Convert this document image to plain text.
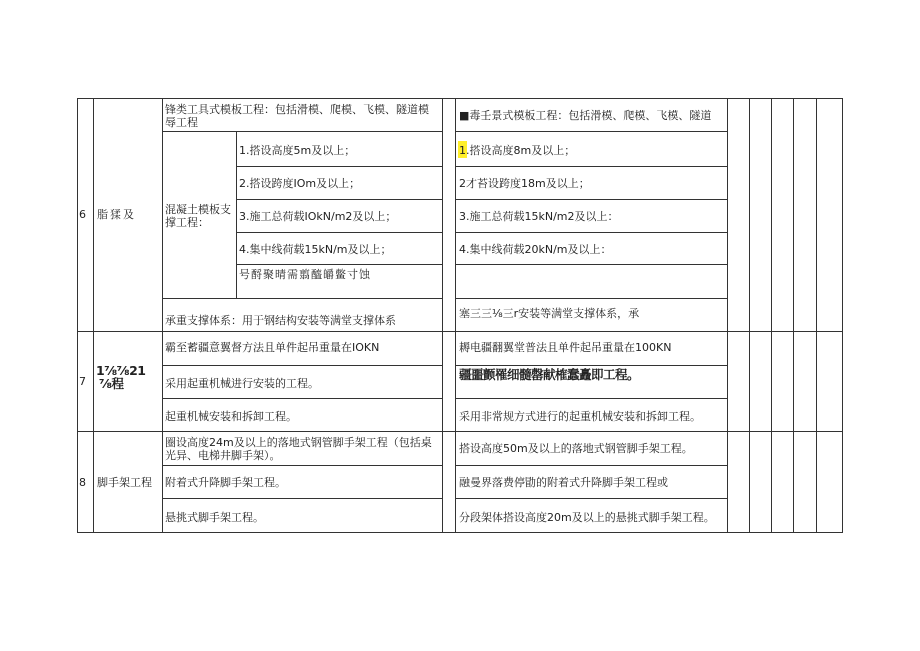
6 脂猱及
锋类工具式模板工程：包括滑模、爬模、飞模、隧道模辱工程
■毒壬景式模板工程：包括滑模、爬模、飞模、隧道
混凝土模板支撑工程：
1.搭设高度5m及以上；
2.搭设跨度IOm及以上；
3.施工总荷载IOkN/m2及以上；
4.集中线荷载15kN/m及以上；
号酹聚晴需翦醯皭鳖寸蚀
1.搭设高度8m及以上；
2才苔设跨度18m及以上；
3.施工总荷载15kN/m2及以上：
4.集中线荷载20kN/m及以上：
承重支撑体系：用于钢结构安装等满堂支撑体系
塞三三⅛三r安装等满堂支撑体系，承
7
1⅞⅞21
⅞程
霸至蓄疆意翼督方法且单件起吊重量在IOKN
采用起重机械进行安装的工程。
起重机械安装和拆卸工程。
耨电疆翻翼堂普法且单件起吊重量在100KN
疆噩颤罹细髓罄献榷蠢矗即工程。
采用非常规方式进行的起重机械安装和拆卸工程。
8 脚手架工程
圈设高度24m及以上的落地式钢管脚手架工程（包括桌光异、电梯井脚手架）。
附着式升降脚手架工程。
悬挑式脚手架工程。
搭设高度50m及以上的落地式钢管脚手架工程。
融曼界落费停勖的附着式升降脚手架工程或
分段架体搭设高度20m及以上的悬挑式脚手架工程。
